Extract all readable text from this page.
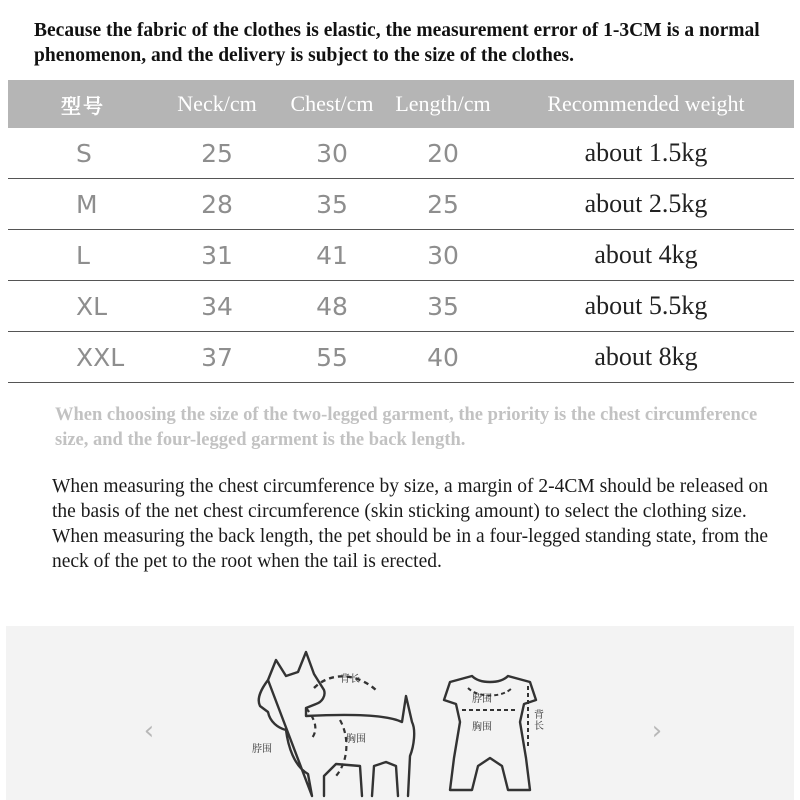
Because the fabric of the clothes is elastic, the measurement error of 1-3CM is a normal phenomenon, and the delivery is subject to the size of the clothes.

型号	Neck/cm	Chest/cm	Length/cm	Recommended weight
S	25	30	20	about 1.5kg
M	28	35	25	about 2.5kg
L	31	41	30	about 4kg
XL	34	48	35	about 5.5kg
XXL	37	55	40	about 8kg

When choosing the size of the two-legged garment, the priority is the chest circumference size, and the four-legged garment is the back length.

When measuring the chest circumference by size, a margin of 2-4CM should be released on the basis of the net chest circumference (skin sticking amount) to select the clothing size. When measuring the back length, the pet should be in a four-legged standing state, from the neck of the pet to the root when the tail is erected.

‹	›
背长
脖围
胸围
脖围
胸围
背长
